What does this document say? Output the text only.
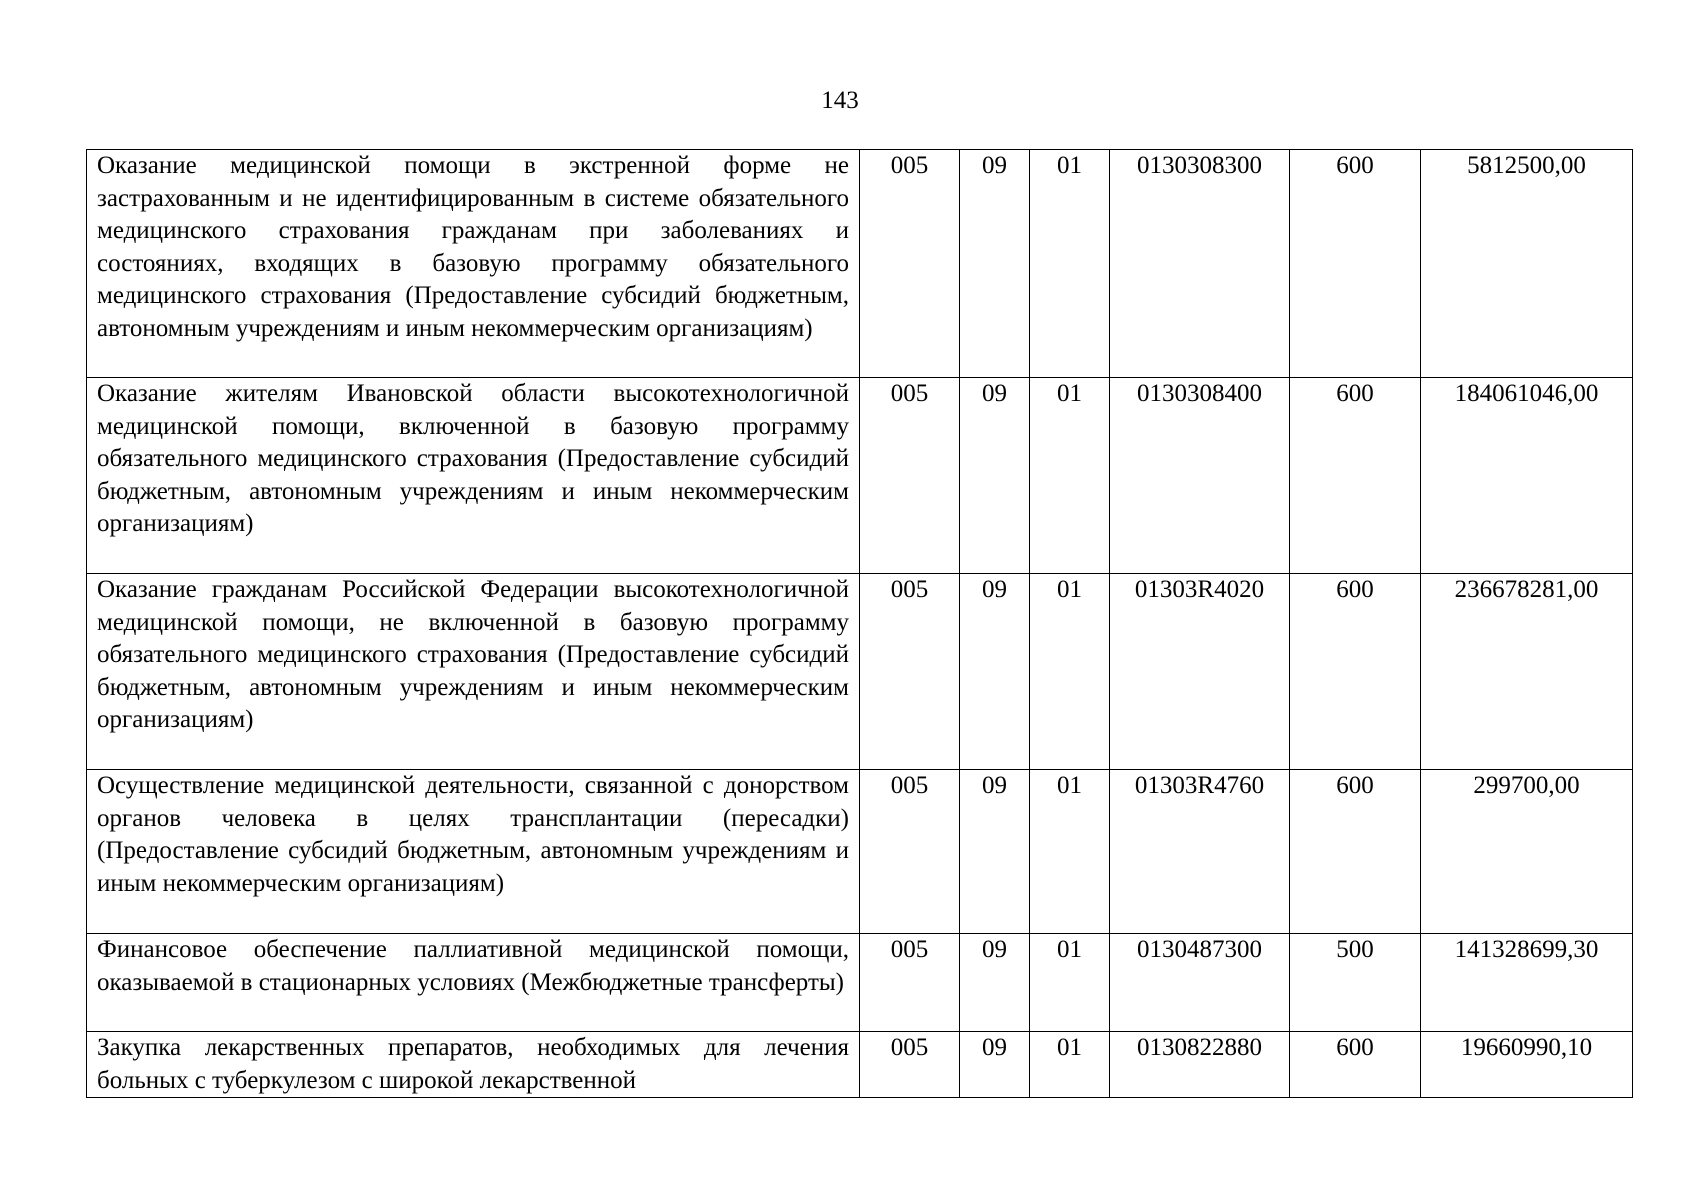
143
Оказание медицинской помощи в экстренной форме не застрахованным и не идентифицированным в системе обязательного медицинского страхования гражданам при заболеваниях и состояниях, входящих в базовую программу обязательного медицинского страхования (Предоставление субсидий бюджетным, автономным учреждениям и иным некоммерческим организациям)	005	09	01	0130308300	600	5812500,00
Оказание жителям Ивановской области высокотехнологичной медицинской помощи, включенной в базовую программу обязательного медицинского страхования (Предоставление субсидий бюджетным, автономным учреждениям и иным некоммерческим организациям)	005	09	01	0130308400	600	184061046,00
Оказание гражданам Российской Федерации высокотехнологичной медицинской помощи, не включенной в базовую программу обязательного медицинского страхования (Предоставление субсидий бюджетным, автономным учреждениям и иным некоммерческим организациям)	005	09	01	01303R4020	600	236678281,00
Осуществление медицинской деятельности, связанной с донорством органов человека в целях трансплантации (пересадки) (Предоставление субсидий бюджетным, автономным учреждениям и иным некоммерческим организациям)	005	09	01	01303R4760	600	299700,00
Финансовое обеспечение паллиативной медицинской помощи, оказываемой в стационарных условиях (Межбюджетные трансферты)	005	09	01	0130487300	500	141328699,30
Закупка лекарственных препаратов, необходимых для лечения больных с туберкулезом с широкой лекарственной	005	09	01	0130822880	600	19660990,10
